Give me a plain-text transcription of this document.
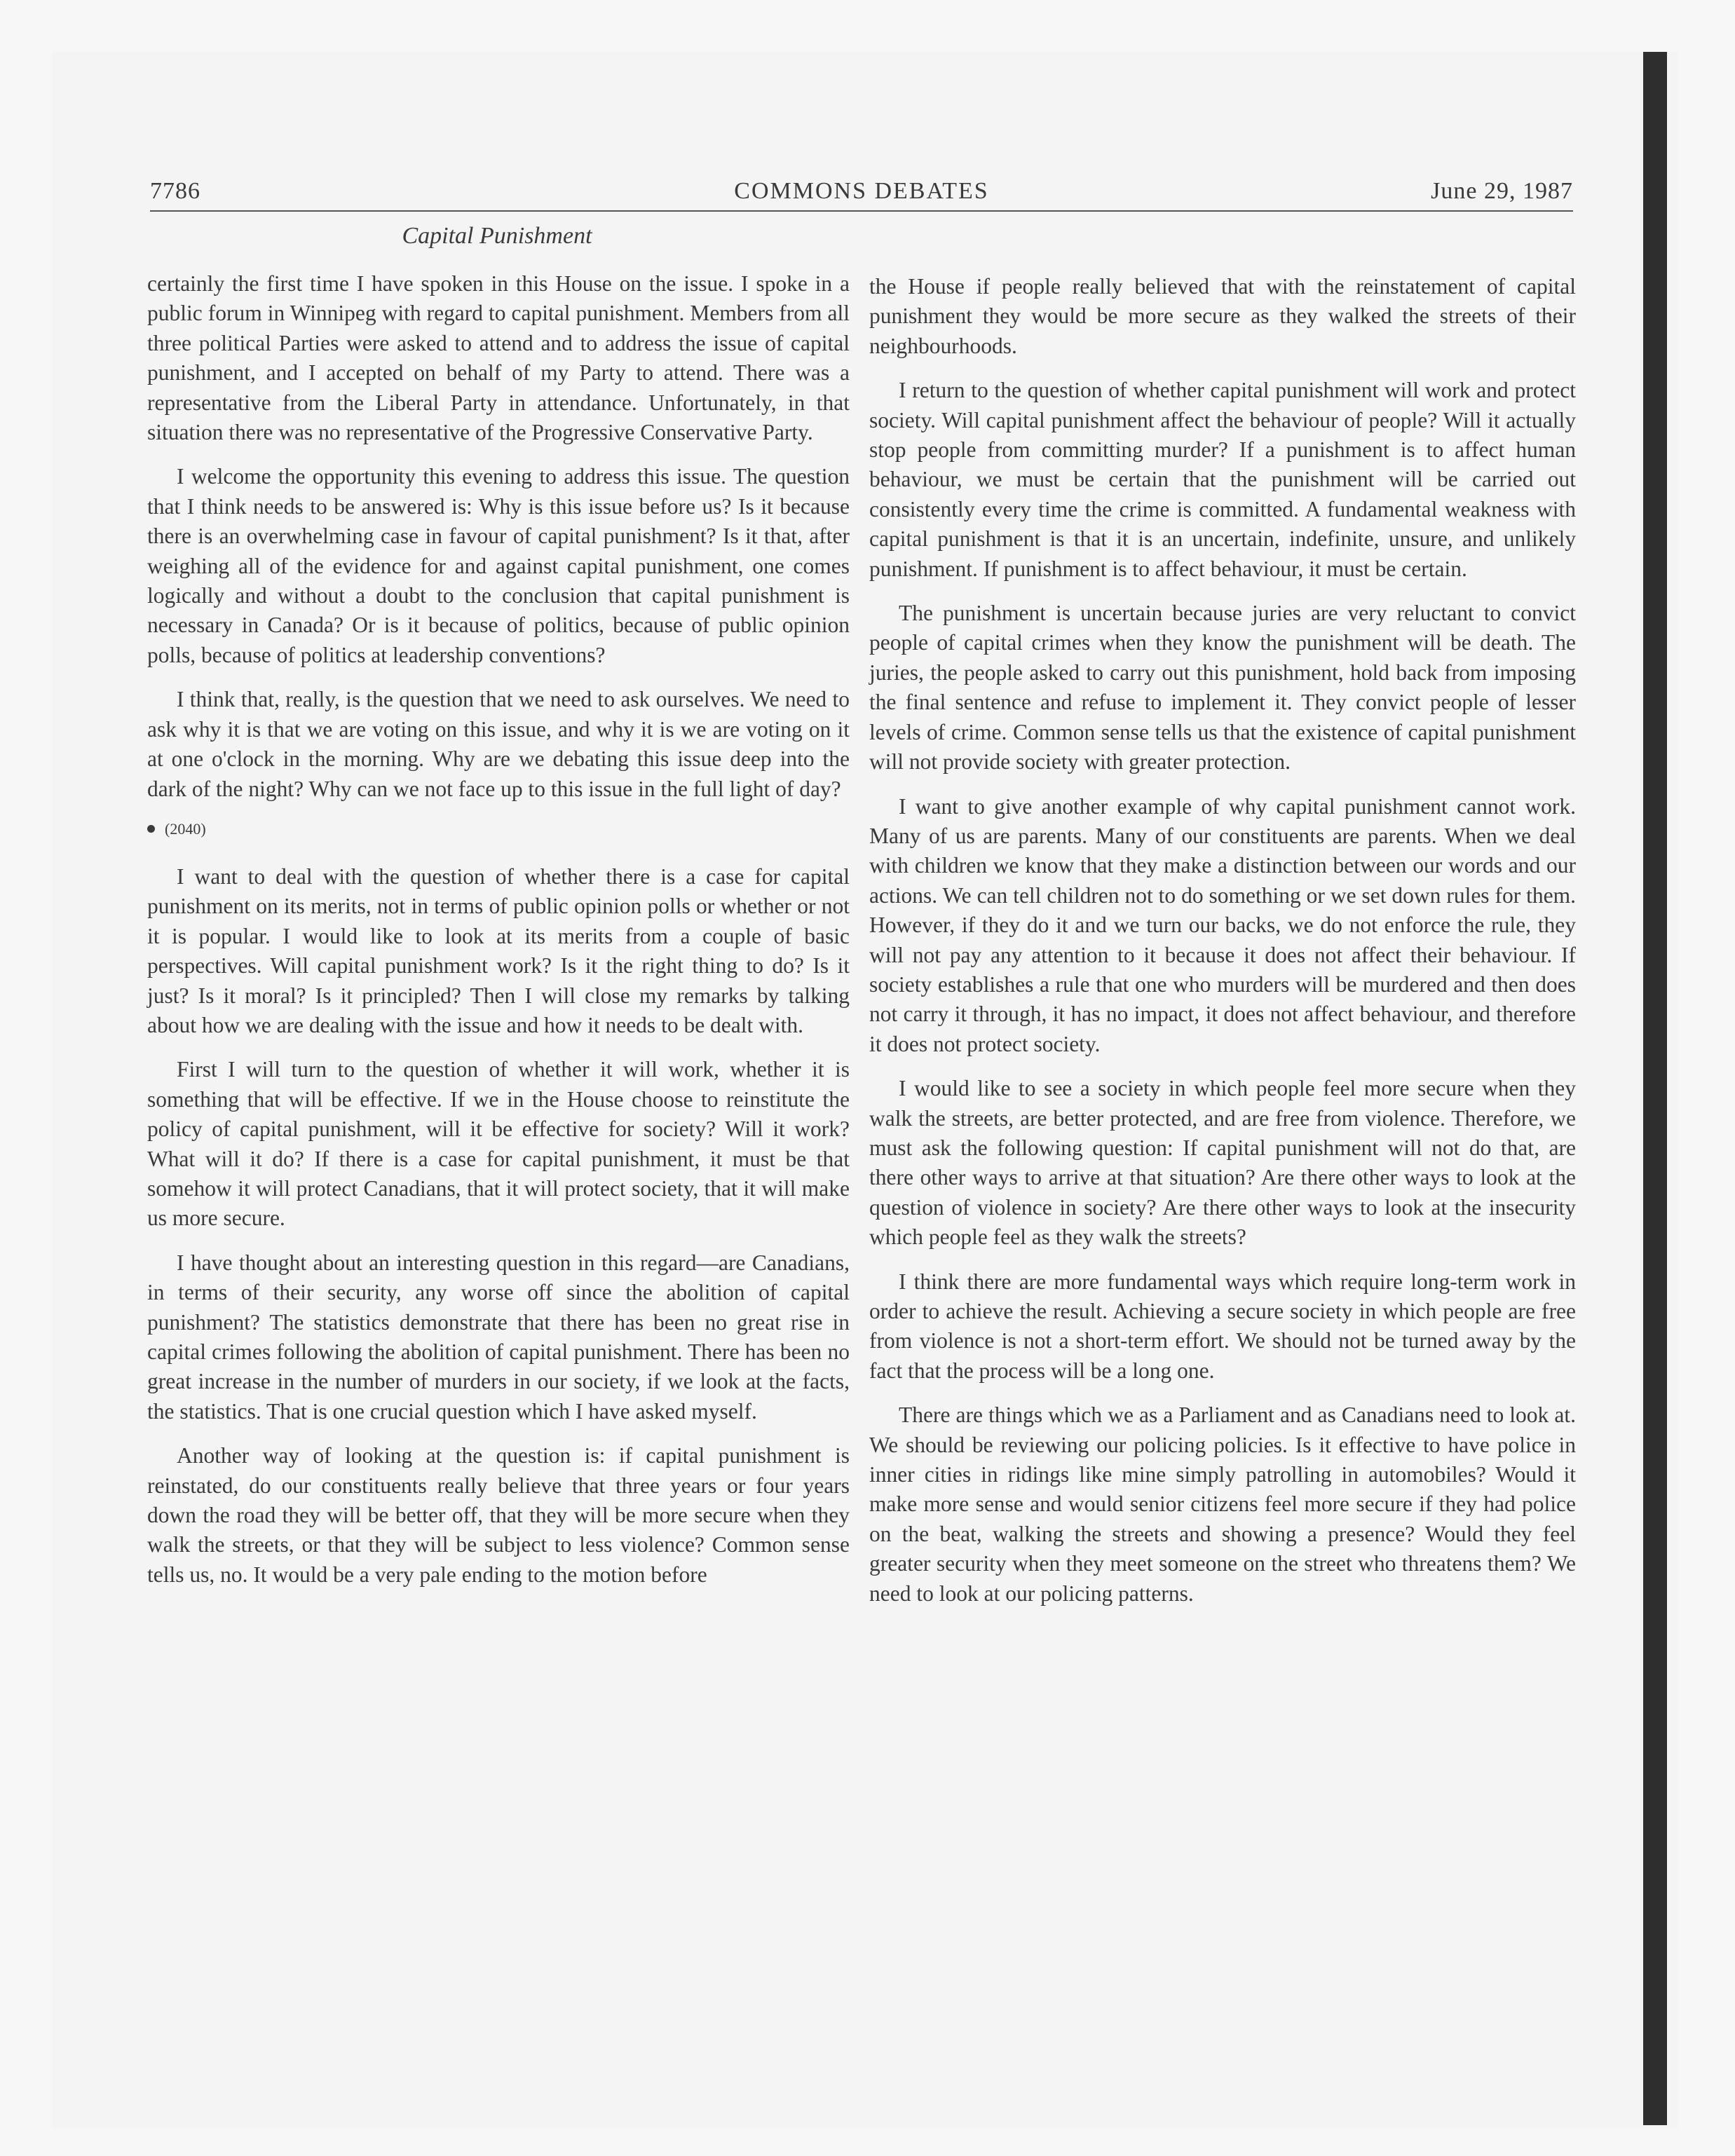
7786	COMMONS DEBATES	June 29, 1987
Capital Punishment

certainly the first time I have spoken in this House on the issue. I spoke in a public forum in Winnipeg with regard to capital punishment. Members from all three political Parties were asked to attend and to address the issue of capital punishment, and I accepted on behalf of my Party to attend. There was a representative from the Liberal Party in attendance. Unfortunately, in that situation there was no representative of the Progressive Conservative Party.

I welcome the opportunity this evening to address this issue. The question that I think needs to be answered is: Why is this issue before us? Is it because there is an overwhelming case in favour of capital punishment? Is it that, after weighing all of the evidence for and against capital punishment, one comes logically and without a doubt to the conclusion that capital punishment is necessary in Canada? Or is it because of politics, because of public opinion polls, because of politics at leadership conventions?

I think that, really, is the question that we need to ask ourselves. We need to ask why it is that we are voting on this issue, and why it is we are voting on it at one o'clock in the morning. Why are we debating this issue deep into the dark of the night? Why can we not face up to this issue in the full light of day?

(2040)

I want to deal with the question of whether there is a case for capital punishment on its merits, not in terms of public opinion polls or whether or not it is popular. I would like to look at its merits from a couple of basic perspectives. Will capital punishment work? Is it the right thing to do? Is it just? Is it moral? Is it principled? Then I will close my remarks by talking about how we are dealing with the issue and how it needs to be dealt with.

First I will turn to the question of whether it will work, whether it is something that will be effective. If we in the House choose to reinstitute the policy of capital punishment, will it be effective for society? Will it work? What will it do? If there is a case for capital punishment, it must be that somehow it will protect Canadians, that it will protect society, that it will make us more secure.

I have thought about an interesting question in this regard—are Canadians, in terms of their security, any worse off since the abolition of capital punishment? The statistics demonstrate that there has been no great rise in capital crimes following the abolition of capital punishment. There has been no great increase in the number of murders in our society, if we look at the facts, the statistics. That is one crucial question which I have asked myself.

Another way of looking at the question is: if capital punishment is reinstated, do our constituents really believe that three years or four years down the road they will be better off, that they will be more secure when they walk the streets, or that they will be subject to less violence? Common sense tells us, no. It would be a very pale ending to the motion before

the House if people really believed that with the reinstatement of capital punishment they would be more secure as they walked the streets of their neighbourhoods.

I return to the question of whether capital punishment will work and protect society. Will capital punishment affect the behaviour of people? Will it actually stop people from committing murder? If a punishment is to affect human behaviour, we must be certain that the punishment will be carried out consistently every time the crime is committed. A fundamental weakness with capital punishment is that it is an uncertain, indefinite, unsure, and unlikely punishment. If punishment is to affect behaviour, it must be certain.

The punishment is uncertain because juries are very reluctant to convict people of capital crimes when they know the punishment will be death. The juries, the people asked to carry out this punishment, hold back from imposing the final sentence and refuse to implement it. They convict people of lesser levels of crime. Common sense tells us that the existence of capital punishment will not provide society with greater protection.

I want to give another example of why capital punishment cannot work. Many of us are parents. Many of our constituents are parents. When we deal with children we know that they make a distinction between our words and our actions. We can tell children not to do something or we set down rules for them. However, if they do it and we turn our backs, we do not enforce the rule, they will not pay any attention to it because it does not affect their behaviour. If society establishes a rule that one who murders will be murdered and then does not carry it through, it has no impact, it does not affect behaviour, and therefore it does not protect society.

I would like to see a society in which people feel more secure when they walk the streets, are better protected, and are free from violence. Therefore, we must ask the following question: If capital punishment will not do that, are there other ways to arrive at that situation? Are there other ways to look at the question of violence in society? Are there other ways to look at the insecurity which people feel as they walk the streets?

I think there are more fundamental ways which require long-term work in order to achieve the result. Achieving a secure society in which people are free from violence is not a short-term effort. We should not be turned away by the fact that the process will be a long one.

There are things which we as a Parliament and as Canadians need to look at. We should be reviewing our policing policies. Is it effective to have police in inner cities in ridings like mine simply patrolling in automobiles? Would it make more sense and would senior citizens feel more secure if they had police on the beat, walking the streets and showing a presence? Would they feel greater security when they meet someone on the street who threatens them? We need to look at our policing patterns.
